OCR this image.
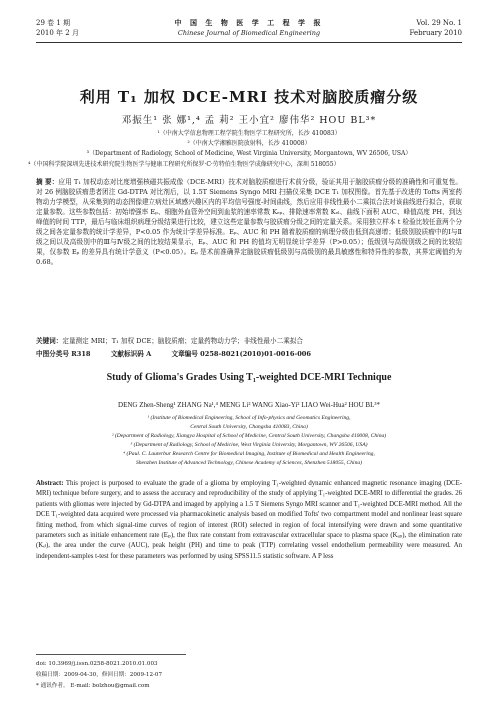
29 卷 1 期
2010 年 2 月
中 国 生 物 医 学 工 程 学 报
Chinese Journal of Biomedical Engineering
Vol. 29 No. 1
February 2010
利用 T₁ 加权 DCE-MRI 技术对脑胶质瘤分级
邓振生¹ 张 娜¹,⁴ 孟 莉² 王小宜² 廖伟华² HOU BL³*
¹（中南大学信息物理工程学院生物医学工程研究所，长沙 410083）
²（中南大学湘雅医院放射科，长沙 410008）
³（Department of Radiology, School of Medicine, West Virginia University, Morgantown, WV 26506, USA）
⁴（中国科学院深圳先进技术研究院生物医学与健康工程研究所保罗·C·劳特伯生物医学成像研究中心，深圳 518055）
摘 要：应用 T₁ 加权动态对比度增强核磁共振成像（DCE-MRI）技术对脑胶质瘤进行术前分级，验证其用于脑胶质瘤分级的准确性和可重复性。对 26 例脑胶质瘤患者团注 Gd-DTPA 对比剂后，以 1.5T Siemens Syngo MRI 扫描仪采集 DCE T₁ 加权图像。首先基于改进的 Tofts 两室药物动力学模型，从采集到的动态图像建立病灶区域感兴趣区内的平均信号强度-时间曲线，然后应用非线性最小二乘拟合法对该曲线进行拟合，获取定量参数。这些参数包括：初始增强率 Eₚ、细胞外血管外空间到血浆的速率常数 Kₑₚ、排除速率常数 Kₑₗ、曲线下面积 AUC、峰值高度 PH、到达峰值的时间 TTP，最后与临床组织病理分级结果进行比较，建立这些定量参数与胶质瘤分级之间的定量关系。采用独立样本 t 检验比较任意两个分级之间各定量参数的统计学差异，P<0.05 作为统计学差异标准。Eₚ、AUC 和 PH 随着胶质瘤的病理分级由低到高递增；低级别胶质瘤中的Ⅰ与Ⅱ级之间以及高级别中的Ⅲ与Ⅳ级之间的比较结果显示，Eₚ、AUC 和 PH 的值均无明显统计学差异（P>0.05）；低级别与高级别级之间的比较结果，仅参数 Eₚ 的差异具有统计学意义（P<0.05）。Eₚ 是术前准确界定脑胶质瘤低级别与高级别的最具敏感性和特异性的参数，其界定阈值约为 0.68。
关键词：定量测定 MRI；T₁ 加权 DCE；脑胶质瘤；定量药物动力学；非线性最小二乘拟合
中图分类号 R318	文献标识码 A	文章编号 0258-8021(2010)01-0016-006
Study of Glioma's Grades Using T₁-weighted DCE-MRI Technique
DENG Zhen-Sheng¹ ZHANG Na¹,⁴ MENG Li² WANG Xiao-Yi² LIAO Wei-Hua² HOU BL³*
¹ (Institute of Biomedical Engineering, School of Info-physics and Geomatics Engineering,
Central South University, Changsha 410083, China)
² (Department of Radiology, Xiangya Hospital of School of Medicine, Central South University, Changsha 410008, China)
³ (Department of Radiology, School of Medicine, West Virginia University, Morgantown, WV 26506, USA)
⁴ (Paul. C. Lauterbur Research Centre for Biomedical Imaging, Institute of Biomedical and Health Engineering,
Shenzhen Institute of Advanced Technology, Chinese Academy of Sciences, Shenzhen 518055, China)
Abstract: This project is purposed to evaluate the grade of a glioma by employing T₁-weighted dynamic enhanced magnetic resonance imaging (DCE-MRI) technique before surgery, and to assess the accuracy and reproducibility of the study of applying T₁-weighted DCE-MRI to differential the grades. 26 patients with gliomas were injected by Gd-DTPA and imaged by applying a 1.5 T Siemens Syngo MRI scanner and T₁-weighted DCE-MRI method. All the DCE T₁-weighted data acquired were processed via pharmacokinetic analysis based on modified Tofts' two compartment model and nonlinear least square fitting method, from which signal-time curves of region of interest (ROI) selected in region of focal intensifying were drawn and some quantitative parameters such as initiale enhancement rate (Eₚ), the flux rate constant from extravascular extracellular space to plasma space (Kₑₚ), the elimination rate (Kₑₗ), the area under the curve (AUC), peak height (PH) and time to peak (TTP) correlating vessel endothelium permeability were measured. An independent-samples t-test for these parameters was performed by using SPSS11.5 statistic software. A P less
doi: 10.3969/j.issn.0258-8021.2010.01.003
收稿日期：2009-04-30，修回日期：2009-12-07
* 通讯作者。 E-mail: bolzhou@gmail.com
